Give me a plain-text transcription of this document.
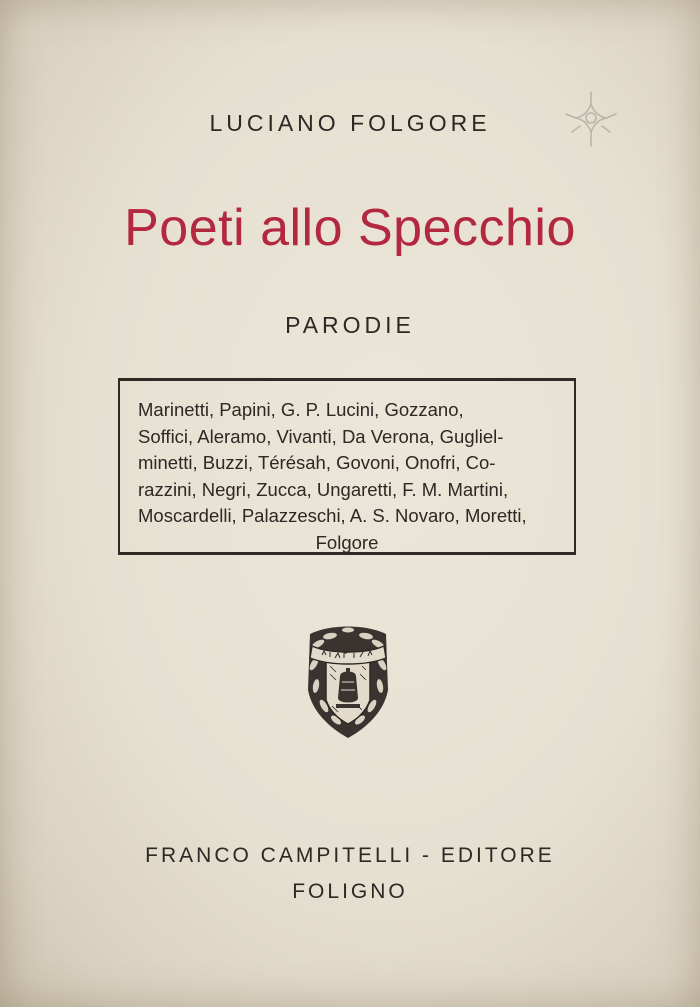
LUCIANO FOLGORE
Poeti allo Specchio
PARODIE

Marinetti, Papini, G. P. Lucini, Gozzano,

Soffici, Aleramo, Vivanti, Da Verona, Gugliel-

minetti, Buzzi, Térésah, Govoni, Onofri, Co-

razzini, Negri, Zucca, Ungaretti, F. M. Martini,

Moscardelli, Palazzeschi, A. S. Novaro, Moretti,

Folgore

FRANCO CAMPITELLI - EDITORE
FOLIGNO
